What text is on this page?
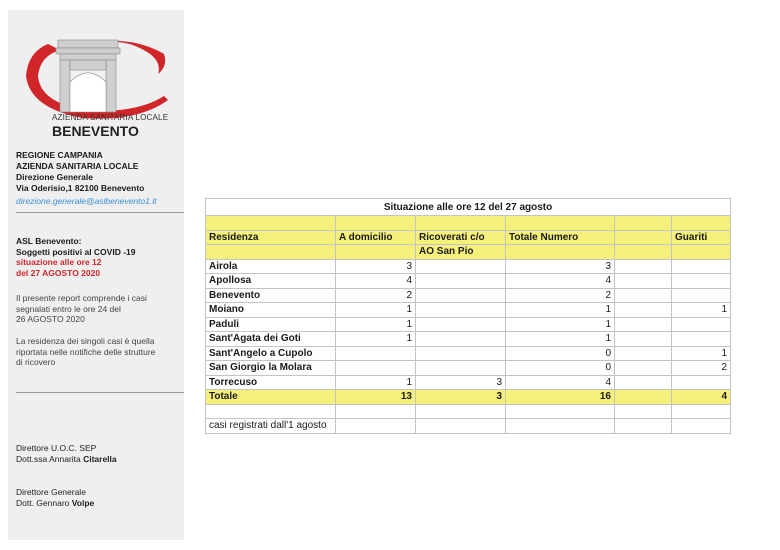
AZIENDA SANITARIA LOCALE
BENEVENTO
REGIONE CAMPANIA
AZIENDA SANITARIA LOCALE
Direzione Generale
Via Oderisio,1 82100 Benevento
direzione.generale@aslbenevento1.it
ASL Benevento:
Soggetti positivi al COVID -19
situazione alle ore 12
del 27 AGOSTO 2020
Il presente report comprende i casi
segnalati entro le ore 24 del
26 AGOSTO 2020
La residenza dei singoli casi è quella
riportata nelle notifiche delle strutture
di ricovero
Direttore U.O.C. SEP
Dott.ssa Annarita Citarella
Direttore Generale
Dott. Gennaro Volpe
Situazione alle ore 12 del 27 agosto					

Residenza	A domicilio	Ricoverati c/o	Totale Numero		Guariti
		AO San Pio			
Airola	3		3		
Apollosa	4		4		
Benevento	2		2		
Moiano	1		1		1
Paduli	1		1		
Sant'Agata dei Goti	1		1		
Sant'Angelo a Cupolo			0		1
San Giorgio la Molara			0		2
Torrecuso	1	3	4		
Totale	13	3	16		4

casi registrati dall'1 agosto					
